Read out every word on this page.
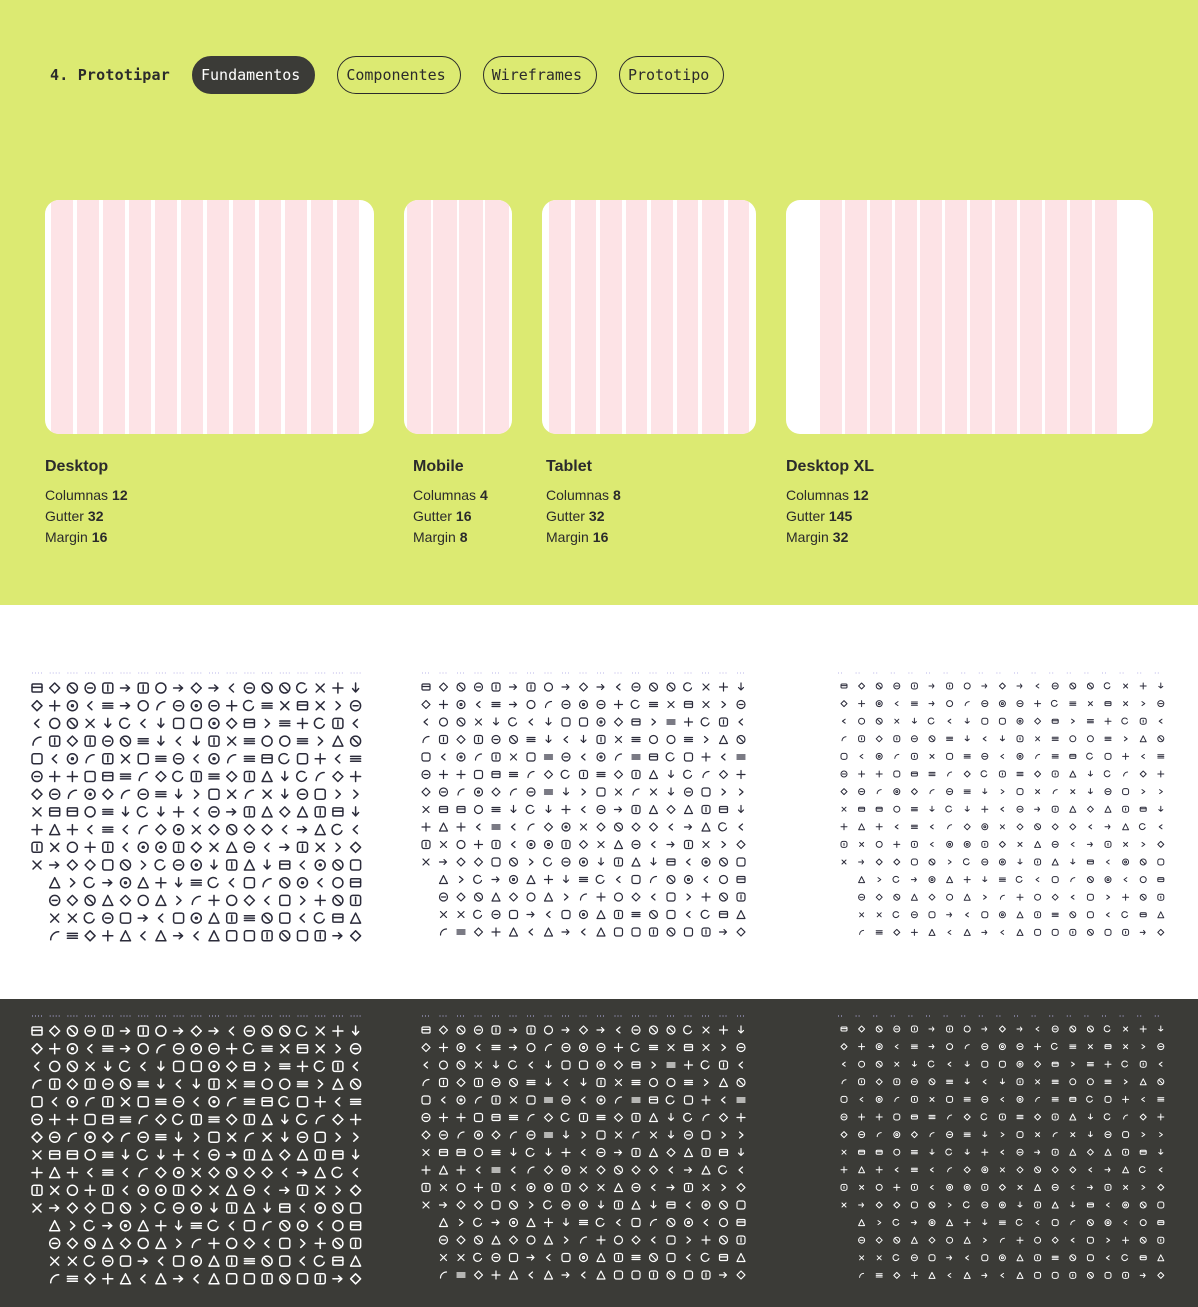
4. Prototipar Fundamentos	Componentes	Wireframes	Prototipo
Desktop
Columnas 12
Gutter 32
Margin 16
Mobile
Columnas 4
Gutter 16
Margin 8
Tablet
Columnas 8
Gutter 32
Margin 16
Desktop XL
Columnas 12
Gutter 145
Margin 32
